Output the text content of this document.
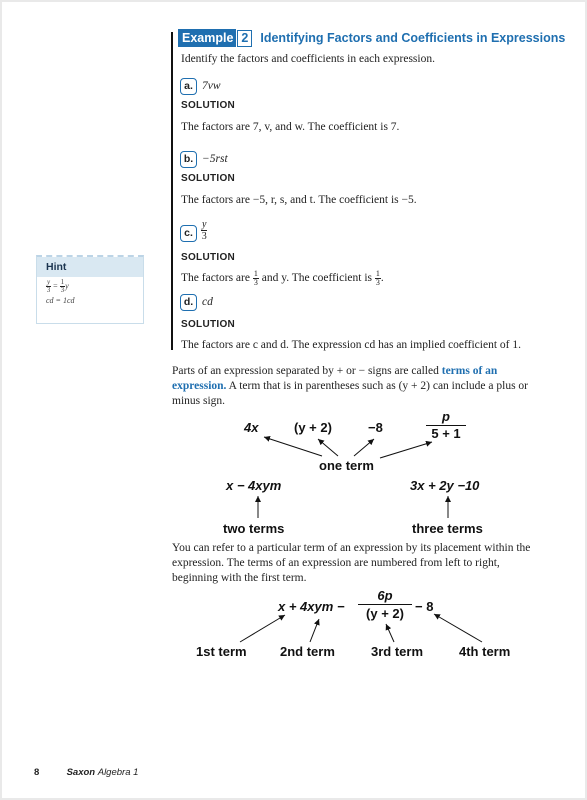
Example 2 Identifying Factors and Coefficients in Expressions
Identify the factors and coefficients in each expression.
a. 7vw
SOLUTION
The factors are 7, v, and w. The coefficient is 7.
b. −5rst
SOLUTION
The factors are −5, r, s, and t. The coefficient is −5.
c. $\frac{y}{3}$
SOLUTION
The factors are $\frac{1}{3}$ and y. The coefficient is $\frac{1}{3}$ .
d. cd
SOLUTION
The factors are c and d. The expression cd has an implied coefficient of 1.
Hint
$\frac{y}{3} = \frac{1}{3}$ y
cd = 1cd
Parts of an expression separated by + or − signs are called terms of an expression. A term that is in parentheses such as (y + 2) can include a plus or minus sign.
4x	(y + 2)	−8	$\frac{p}{5 + 1}$
one term
x − 4xym
two terms
3x + 2y −10
three terms
You can refer to a particular term of an expression by its placement within the expression. The terms of an expression are numbered from left to right, beginning with the first term.
$x + 4xym - \frac{6p}{(y + 2)} - 8$
1st term	2nd term	3rd term	4th term
8	Saxon Algebra 1
